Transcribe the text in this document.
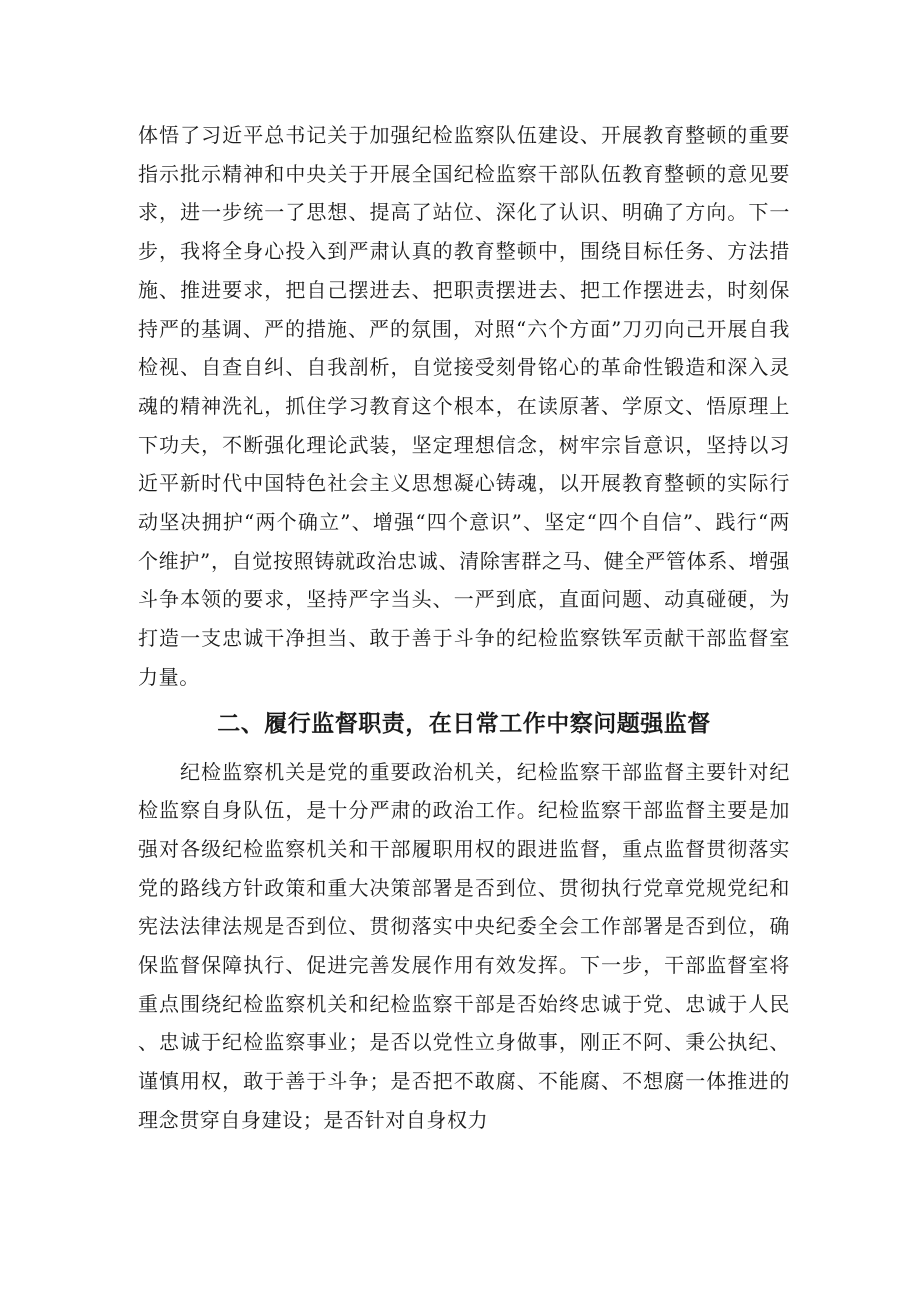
体悟了习近平总书记关于加强纪检监察队伍建设、开展教育整顿的重要指示批示精神和中央关于开展全国纪检监察干部队伍教育整顿的意见要求，进一步统一了思想、提高了站位、深化了认识、明确了方向。下一步，我将全身心投入到严肃认真的教育整顿中，围绕目标任务、方法措施、推进要求，把自己摆进去、把职责摆进去、把工作摆进去，时刻保持严的基调、严的措施、严的氛围，对照“六个方面”刀刃向己开展自我检视、自查自纠、自我剖析，自觉接受刻骨铭心的革命性锻造和深入灵魂的精神洗礼，抓住学习教育这个根本，在读原著、学原文、悟原理上下功夫，不断强化理论武装，坚定理想信念，树牢宗旨意识，坚持以习近平新时代中国特色社会主义思想凝心铸魂，以开展教育整顿的实际行动坚决拥护“两个确立”、增强“四个意识”、坚定“四个自信”、践行“两个维护”，自觉按照铸就政治忠诚、清除害群之马、健全严管体系、增强斗争本领的要求，坚持严字当头、一严到底，直面问题、动真碰硬，为打造一支忠诚干净担当、敢于善于斗争的纪检监察铁军贡献干部监督室力量。

二、履行监督职责，在日常工作中察问题强监督

纪检监察机关是党的重要政治机关，纪检监察干部监督主要针对纪检监察自身队伍，是十分严肃的政治工作。纪检监察干部监督主要是加强对各级纪检监察机关和干部履职用权的跟进监督，重点监督贯彻落实党的路线方针政策和重大决策部署是否到位、贯彻执行党章党规党纪和宪法法律法规是否到位、贯彻落实中央纪委全会工作部署是否到位，确保监督保障执行、促进完善发展作用有效发挥。下一步，干部监督室将重点围绕纪检监察机关和纪检监察干部是否始终忠诚于党、忠诚于人民、忠诚于纪检监察事业；是否以党性立身做事，刚正不阿、秉公执纪、谨慎用权，敢于善于斗争；是否把不敢腐、不能腐、不想腐一体推进的理念贯穿自身建设；是否针对自身权力
